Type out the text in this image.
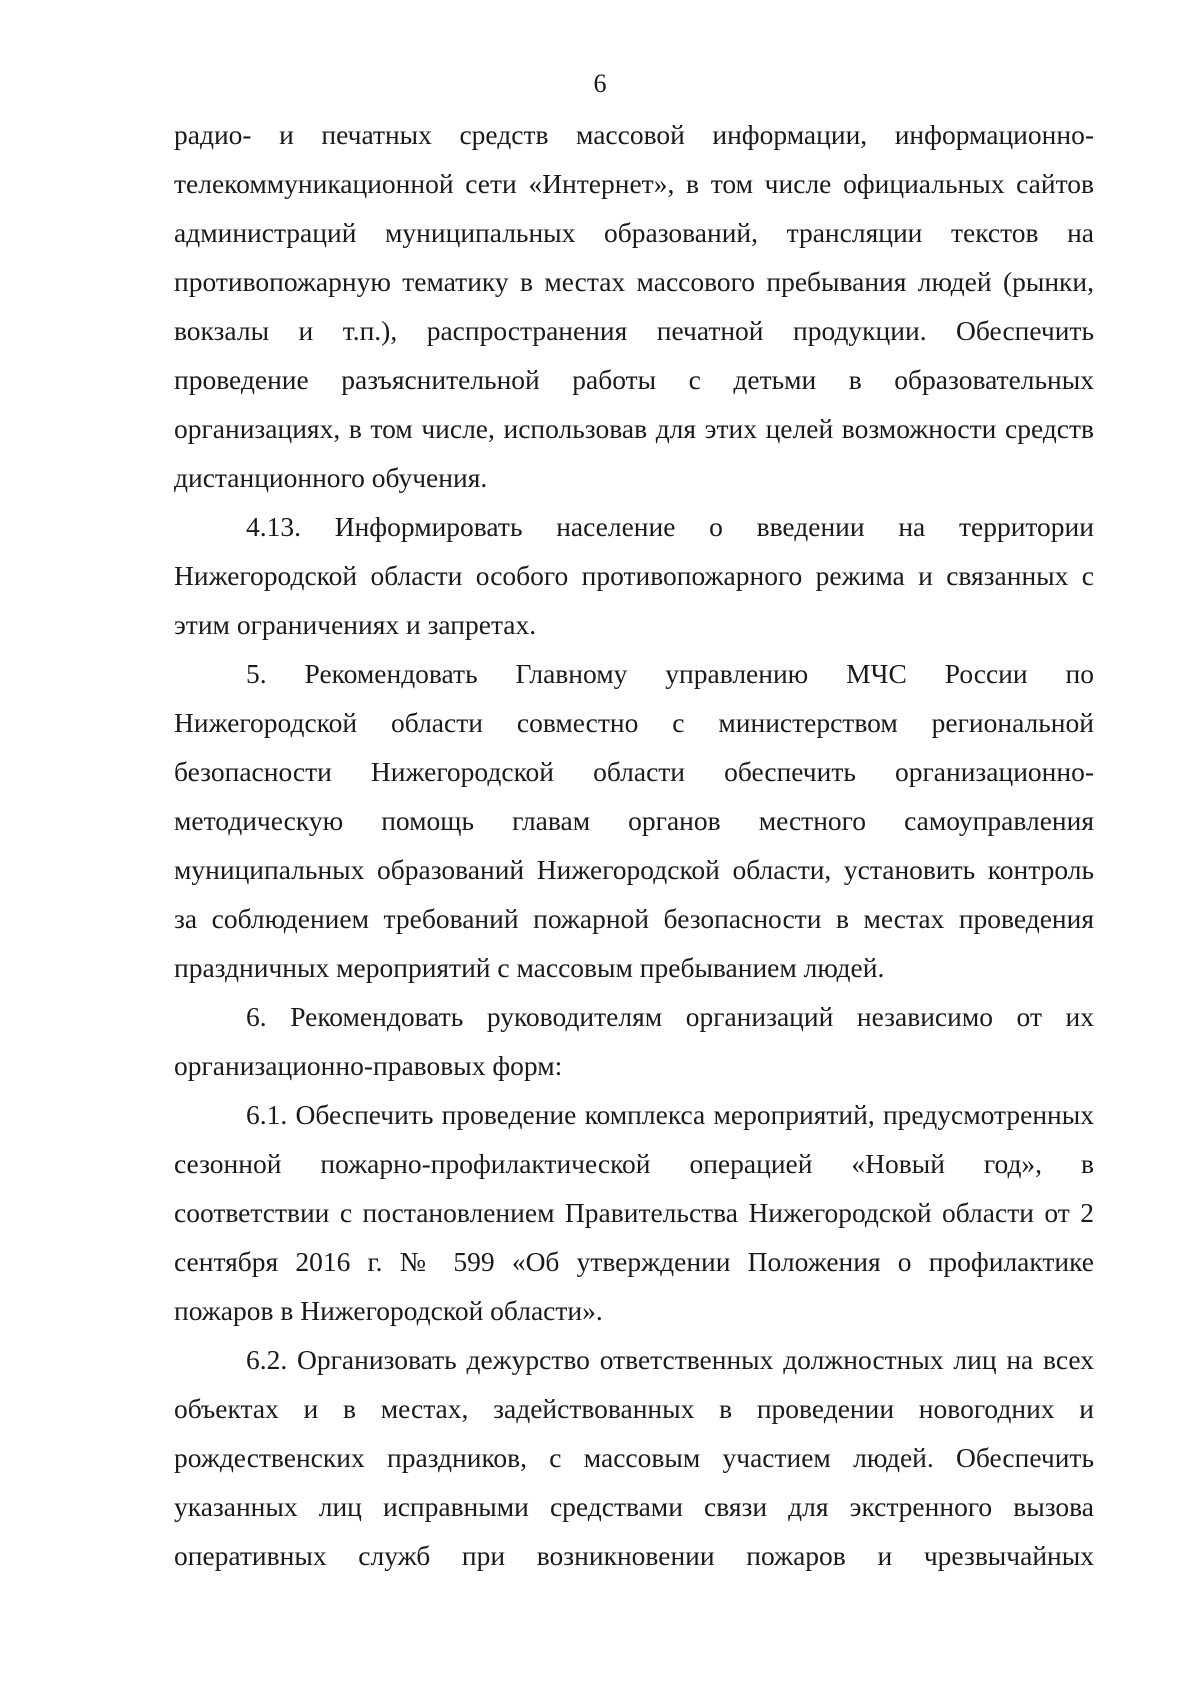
6

радио- и печатных средств массовой информации, информационно-телекоммуникационной сети «Интернет», в том числе официальных сайтов администраций муниципальных образований, трансляции текстов на противопожарную тематику в местах массового пребывания людей (рынки, вокзалы и т.п.), распространения печатной продукции. Обеспечить проведение разъяснительной работы с детьми в образовательных организациях, в том числе, использовав для этих целей возможности средств дистанционного обучения.

4.13. Информировать население о введении на территории Нижегородской области особого противопожарного режима и связанных с этим ограничениях и запретах.

5. Рекомендовать Главному управлению МЧС России по Нижегородской области совместно с министерством региональной безопасности Нижегородской области обеспечить организационно-методическую помощь главам органов местного самоуправления муниципальных образований Нижегородской области, установить контроль за соблюдением требований пожарной безопасности в местах проведения праздничных мероприятий с массовым пребыванием людей.

6. Рекомендовать руководителям организаций независимо от их организационно-правовых форм:

6.1. Обеспечить проведение комплекса мероприятий, предусмотренных сезонной пожарно-профилактической операцией «Новый год», в соответствии с постановлением Правительства Нижегородской области от 2 сентября 2016 г. № 599 «Об утверждении Положения о профилактике пожаров в Нижегородской области».

6.2. Организовать дежурство ответственных должностных лиц на всех объектах и в местах, задействованных в проведении новогодних и рождественских праздников, с массовым участием людей. Обеспечить указанных лиц исправными средствами связи для экстренного вызова оперативных служб при возникновении пожаров и чрезвычайных
